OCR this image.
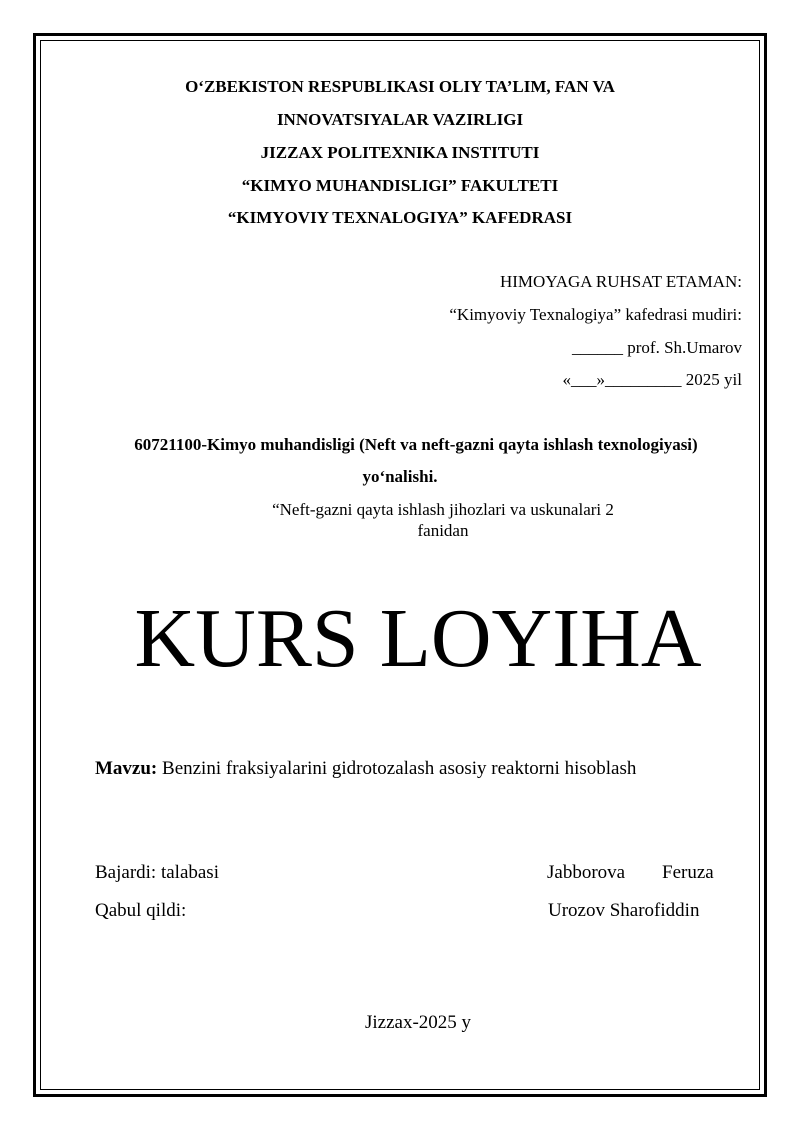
O‘ZBEKISTON RESPUBLIKASI OLIY TA’LIM, FAN VA
INNOVATSIYALAR VAZIRLIGI
JIZZAX POLITEXNIKA INSTITUTI
“KIMYO MUHANDISLIGI” FAKULTETI
“KIMYOVIY TEXNALOGIYA” KAFEDRASI
HIMOYAGA RUHSAT ETAMAN:
“Kimyoviy Texnalogiya” kafedrasi mudiri:
______ prof. Sh.Umarov
«___»_________ 2025 yil
60721100-Kimyo muhandisligi (Neft va neft-gazni qayta ishlash texnologiyasi)
yo‘nalishi.
“Neft-gazni qayta ishlash jihozlari va uskunalari 2
fanidan
KURS LOYIHA
Mavzu: Benzini fraksiyalarini gidrotozalash asosiy reaktorni hisoblash
Bajardi: talabasi	Jabborova Feruza
Qabul qildi:	Urozov Sharofiddin
Jizzax-2025 y
